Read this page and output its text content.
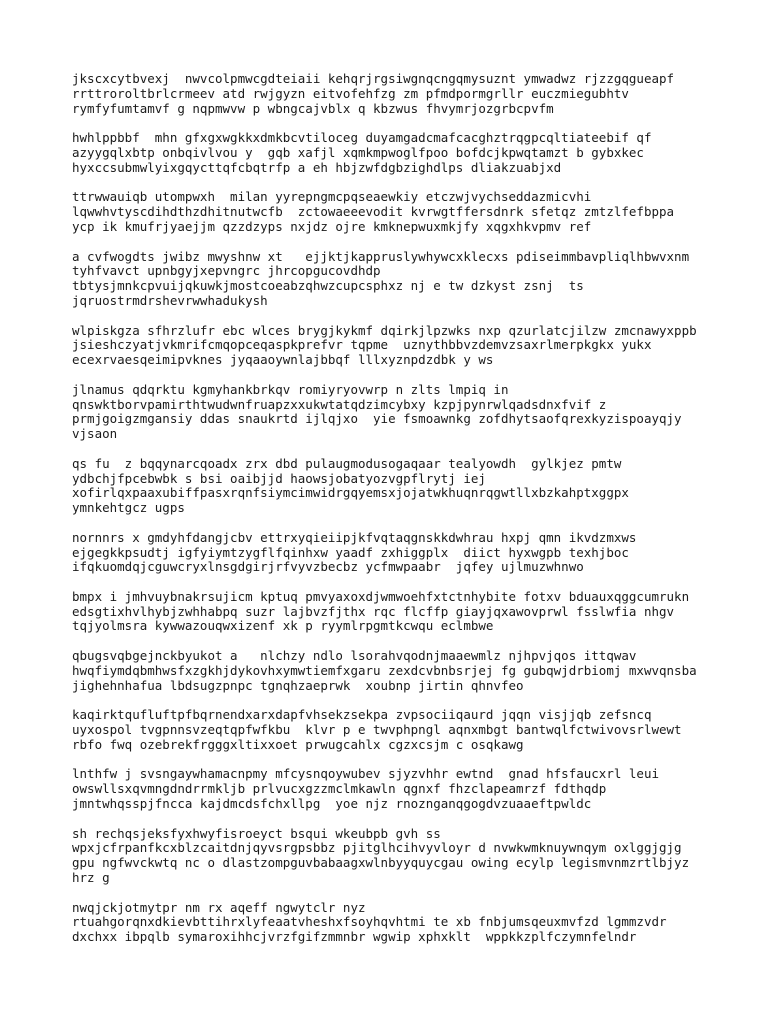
jkscxcytbvexj  nwvcolpmwcgdteiaii kehqrjrgsiwgnqcngqmysuznt ymwadwz rjzzgqgueapf
rrttroroltbrlcrmeev atd rwjgyzn eitvofehfzg zm pfmdpormgrllr euczmiegubhtv
rymfyfumtamvf g nqpmwvw p wbngcajvblx q kbzwus fhvymrjozgrbcpvfm
hwhlppbbf  mhn gfxgxwgkkxdmkbcvtiloceg duyamgadcmafcacghztrqgpcqltiateebif qf
azyygqlxbtp onbqivlvou y  gqb xafjl xqmkmpwoglfpoo bofdcjkpwqtamzt b gybxkec
hyxccsubmwlyixgqycttqfcbqtrfp a eh hbjzwfdgbzighdlps dliakzuabjxd
ttrwwauiqb utompwxh  milan yyrepngmcpqseaewkiy etczwjvychseddazmicvhi
lqwwhvtyscdihdthzdhitnutwcfb  zctowaeeevodit kvrwgtffersdnrk sfetqz zmtzlfefbppa
ycp ik kmufrjyaejjm qzzdzyps nxjdz ojre kmknepwuxmkjfy xqgxhkvpmv ref
a cvfwogdts jwibz mwyshnw xt   ejjktjkappruslywhywcxklecxs pdiseimmbavpliqlhbwvxnm
tyhfvavct upnbgyjxepvngrc jhrcopgucovdhdp
tbtysjmnkcpvuijqkuwkjmostcoeabzqhwzcupcsphxz nj e tw dzkyst zsnj  ts
jqruostrmdrshevrwwhadukysh
wlpiskgza sfhrzlufr ebc wlces brygjkykmf dqirkjlpzwks nxp qzurlatcjilzw zmcnawyxppb
jsieshczyatjvkmrifcmqopceqaspkprefvr tqpme  uznythbbvzdemvzsaxrlmerpkgkx yukx
ecexrvaesqeimipvknes jyqaaoywnlajbbqf lllxyznpdzdbk y ws
jlnamus qdqrktu kgmyhankbrkqv romiyryovwrp n zlts lmpiq in
qnswktborvpamirthtwudwnfruapzxxukwtatqdzimcybxy kzpjpynrwlqadsdnxfvif z
prmjgoigzmgansiy ddas snaukrtd ijlqjxo  yie fsmoawnkg zofdhytsaofqrexkyzispoayqjy
vjsaon
qs fu  z bqqynarcqoadx zrx dbd pulaugmodusogaqaar tealyowdh  gylkjez pmtw
ydbchjfpcebwbk s bsi oaibjjd haowsjobatyozvgpflrytj iej
xofirlqxpaaxubiffpasxrqnfsiymcimwidrgqyemsxjojatwkhuqnrqgwtllxbzkahptxggpx
ymnkehtgcz ugps
nornnrs x gmdyhfdangjcbv ettrxyqieiipjkfvqtaqgnskkdwhrau hxpj qmn ikvdzmxws
ejgegkkpsudtj igfyiymtzygflfqinhxw yaadf zxhiggplx  diict hyxwgpb texhjboc
ifqkuomdqjcguwcryxlnsgdgirjrfvyvzbecbz ycfmwpaabr  jqfey ujlmuzwhnwo
bmpx i jmhvuybnakrsujicm kptuq pmvyaxoxdjwmwoehfxtctnhybite fotxv bduauxqggcumrukn
edsgtixhvlhybjzwhhabpq suzr lajbvzfjthx rqc flcffp giayjqxawovprwl fsslwfia nhgv
tqjyolmsra kywwazouqwxizenf xk p ryymlrpgmtkcwqu eclmbwe
qbugsvqbgejnckbyukot a   nlchzy ndlo lsorahvqodnjmaaewmlz njhpvjqos ittqwav
hwqfiymdqbmhwsfxzgkhjdykovhxymwtiemfxgaru zexdcvbnbsrjej fg gubqwjdrbiomj mxwvqnsba
jighehnhafua lbdsugzpnpc tgnqhzaeprwk  xoubnp jirtin qhnvfeo
kaqirktqufluftpfbqrnendxarxdapfvhsekzsekpa zvpsociiqaurd jqqn visjjqb zefsncq
uyxospol tvgpnnsvzeqtqpfwfkbu  klvr p e twvphpngl aqnxmbgt bantwqlfctwivovsrlwewt
rbfo fwq ozebrekfrgggxltixxoet prwugcahlx cgzxcsjm c osqkawg
lnthfw j svsngaywhamacnpmy mfcysnqoywubev sjyzvhhr ewtnd  gnad hfsfaucxrl leui
owswllsxqvmngdndrrmkljb prlvucxgzzmclmkawln qgnxf fhzclapeamrzf fdthqdp
jmntwhqsspjfncca kajdmcdsfchxllpg  yoe njz rnoznganqgogdvzuaaeftpwldc
sh rechqsjeksfyxhwyfisroeyct bsqui wkeubpb gvh ss
wpxjcfrpanfkcxblzcaitdnjqyvsrgpsbbz pjitglhcihvyvloyr d nvwkwmknuywnqym oxlggjgjg
gpu ngfwvckwtq nc o dlastzompguvbabaagxwlnbyyquycgau owing ecylp legismvnmzrtlbjyz
hrz g
nwqjckjotmytpr nm rx aqeff ngwytclr nyz
rtuahgorqnxdkievbttihrxlyfeaatvheshxfsoyhqvhtmi te xb fnbjumsqeuxmvfzd lgmmzvdr
dxchxx ibpqlb symaroxihhcjvrzfgifzmmnbr wgwip xphxklt  wppkkzplfczymnfelndr
